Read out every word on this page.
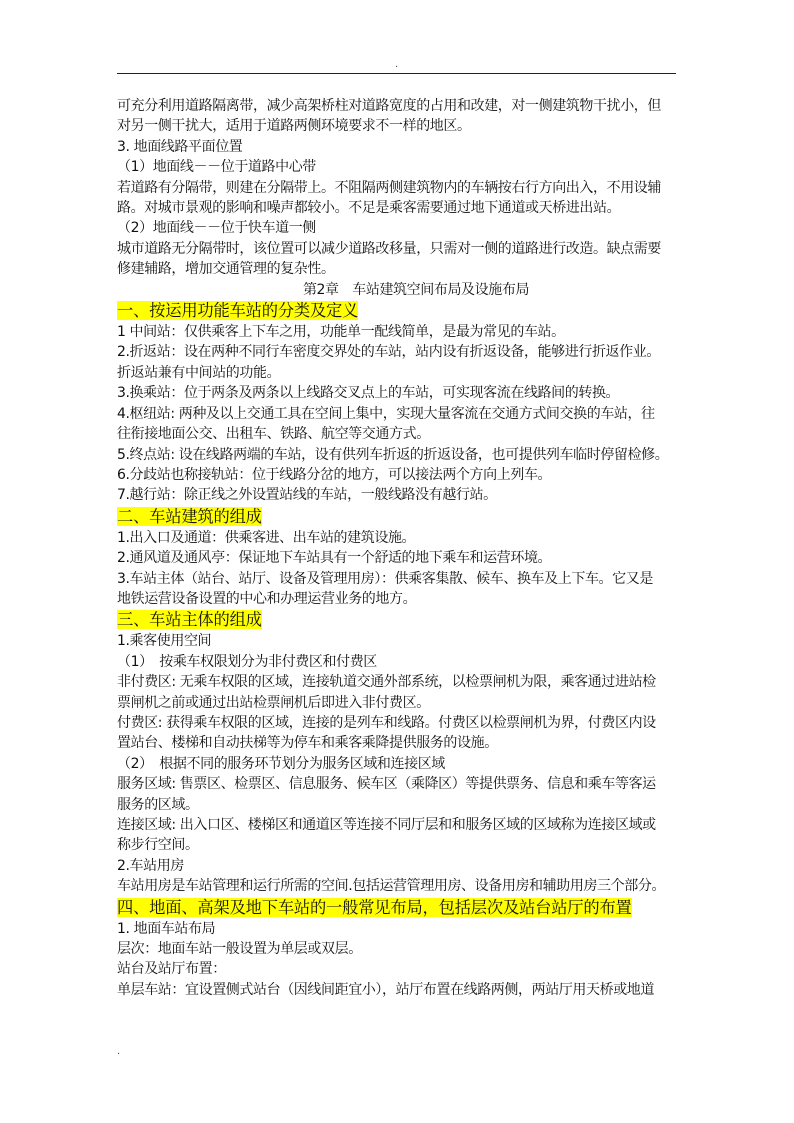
.

可充分利用道路隔离带，减少高架桥柱对道路宽度的占用和改建，对一侧建筑物干扰小，但

对另一侧干扰大，适用于道路两侧环境要求不一样的地区。

3. 地面线路平面位置

（1）地面线－－位于道路中心带

若道路有分隔带，则建在分隔带上。不阻隔两侧建筑物内的车辆按右行方向出入，不用设辅

路。对城市景观的影响和噪声都较小。不足是乘客需要通过地下通道或天桥进出站。

（2）地面线－－位于快车道一侧

城市道路无分隔带时，该位置可以减少道路改移量，只需对一侧的道路进行改造。缺点需要

修建辅路，增加交通管理的复杂性。

第2章　车站建筑空间布局及设施布局

一、按运用功能车站的分类及定义

1 中间站：仅供乘客上下车之用，功能单一配线简单，是最为常见的车站。

2.折返站：设在两种不同行车密度交界处的车站，站内设有折返设备，能够进行折返作业。

折返站兼有中间站的功能。

3.换乘站：位于两条及两条以上线路交叉点上的车站，可实现客流在线路间的转换。

4.枢纽站: 两种及以上交通工具在空间上集中，实现大量客流在交通方式间交换的车站，往

往衔接地面公交、出租车、铁路、航空等交通方式。

5.终点站: 设在线路两端的车站，设有供列车折返的折返设备，也可提供列车临时停留检修。

6.分歧站也称接轨站：位于线路分岔的地方，可以接法两个方向上列车。

7.越行站：除正线之外设置站线的车站，一般线路没有越行站。

二、车站建筑的组成

1.出入口及通道：供乘客进、出车站的建筑设施。

2.通风道及通风亭：保证地下车站具有一个舒适的地下乘车和运营环境。

3.车站主体（站台、站厅、设备及管理用房）：供乘客集散、候车、换车及上下车。它又是

地铁运营设备设置的中心和办理运营业务的地方。

三、车站主体的组成

1.乘客使用空间

（1）　按乘车权限划分为非付费区和付费区

非付费区: 无乘车权限的区域，连接轨道交通外部系统，以检票闸机为限，乘客通过进站检

票闸机之前或通过出站检票闸机后即进入非付费区。

付费区: 获得乘车权限的区域，连接的是列车和线路。付费区以检票闸机为界，付费区内设

置站台、楼梯和自动扶梯等为停车和乘客乘降提供服务的设施。

（2）　根据不同的服务环节划分为服务区域和连接区域

服务区域: 售票区、检票区、信息服务、候车区（乘降区）等提供票务、信息和乘车等客运

服务的区域。

连接区域: 出入口区、楼梯区和通道区等连接不同厅层和和服务区域的区域称为连接区域或

称步行空间。

2.车站用房

车站用房是车站管理和运行所需的空间.包括运营管理用房、设备用房和辅助用房三个部分。

四、地面、高架及地下车站的一般常见布局，包括层次及站台站厅的布置

1. 地面车站布局

层次：地面车站一般设置为单层或双层。

站台及站厅布置：

单层车站：宜设置侧式站台（因线间距宜小），站厅布置在线路两侧，两站厅用天桥或地道

.
